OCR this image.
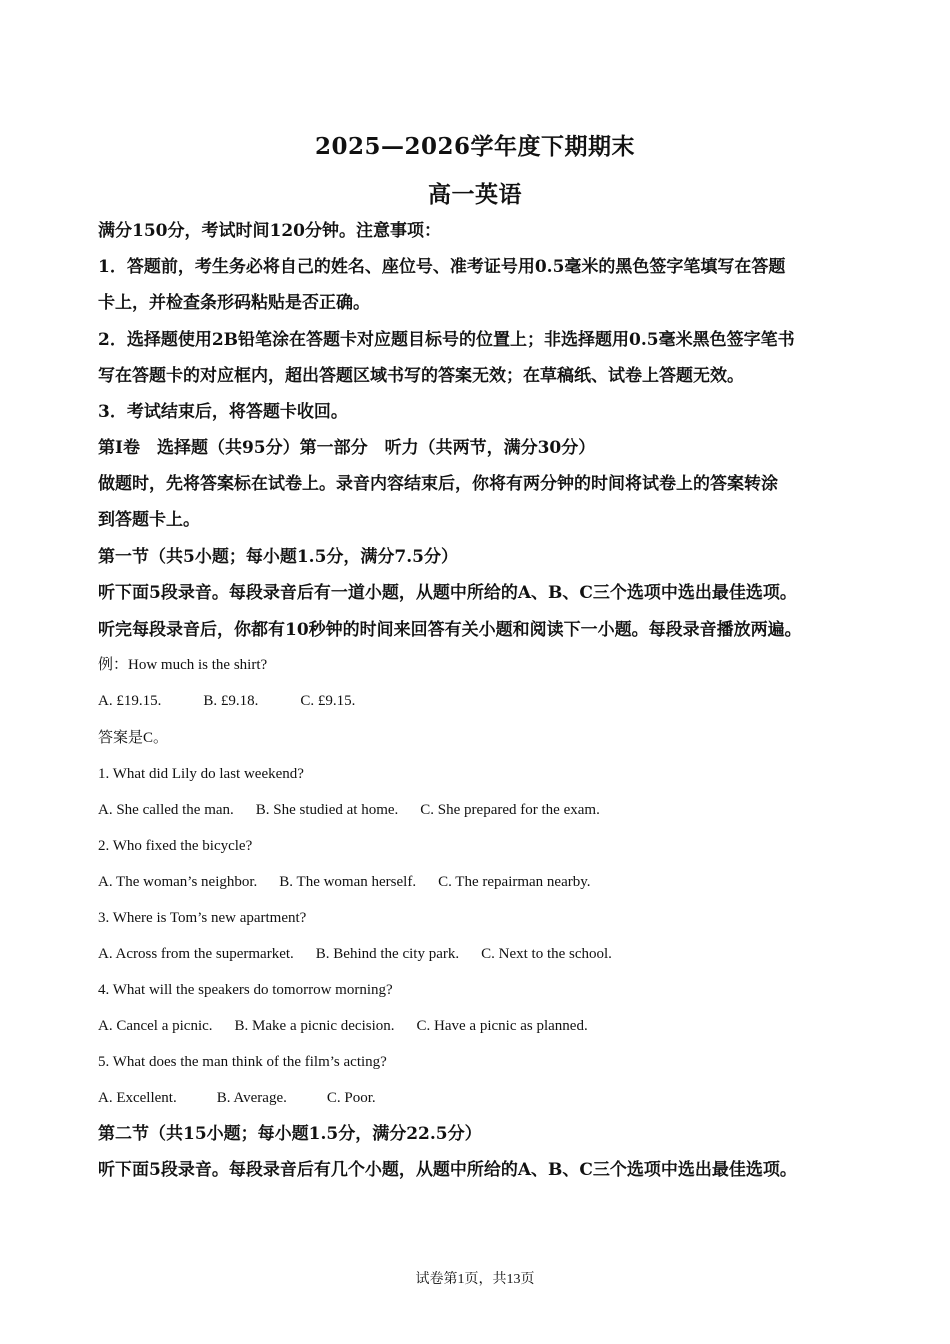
2025—2026学年度下期期末
高一英语
满分150分，考试时间120分钟。注意事项：
1．答题前，考生务必将自己的姓名、座位号、准考证号用0.5毫米的黑色签字笔填写在答题
卡上，并检查条形码粘贴是否正确。
2．选择题使用2B铅笔涂在答题卡对应题目标号的位置上；非选择题用0.5毫米黑色签字笔书
写在答题卡的对应框内，超出答题区域书写的答案无效；在草稿纸、试卷上答题无效。
3．考试结束后，将答题卡收回。
第Ⅰ卷　选择题（共95分）第一部分　听力（共两节，满分30分）
做题时，先将答案标在试卷上。录音内容结束后，你将有两分钟的时间将试卷上的答案转涂
到答题卡上。
第一节（共5小题；每小题1.5分，满分7.5分）
听下面5段录音。每段录音后有一道小题，从题中所给的A、B、C三个选项中选出最佳选项。
听完每段录音后，你都有10秒钟的时间来回答有关小题和阅读下一小题。每段录音播放两遍。
例：How much is the shirt?
A. £19.15.	B. £9.18.	C. £9.15.
答案是C。
1. What did Lily do last weekend?
A. She called the man. B. She studied at home. C. She prepared for the exam.
2. Who fixed the bicycle?
A. The woman’s neighbor. B. The woman herself. C. The repairman nearby.
3. Where is Tom’s new apartment?
A. Across from the supermarket. B. Behind the city park. C. Next to the school.
4. What will the speakers do tomorrow morning?
A. Cancel a picnic. B. Make a picnic decision. C. Have a picnic as planned.
5. What does the man think of the film’s acting?
A. Excellent.	B. Average.	C. Poor.
第二节（共15小题；每小题1.5分，满分22.5分）
听下面5段录音。每段录音后有几个小题，从题中所给的A、B、C三个选项中选出最佳选项。
试卷第1页，共13页
